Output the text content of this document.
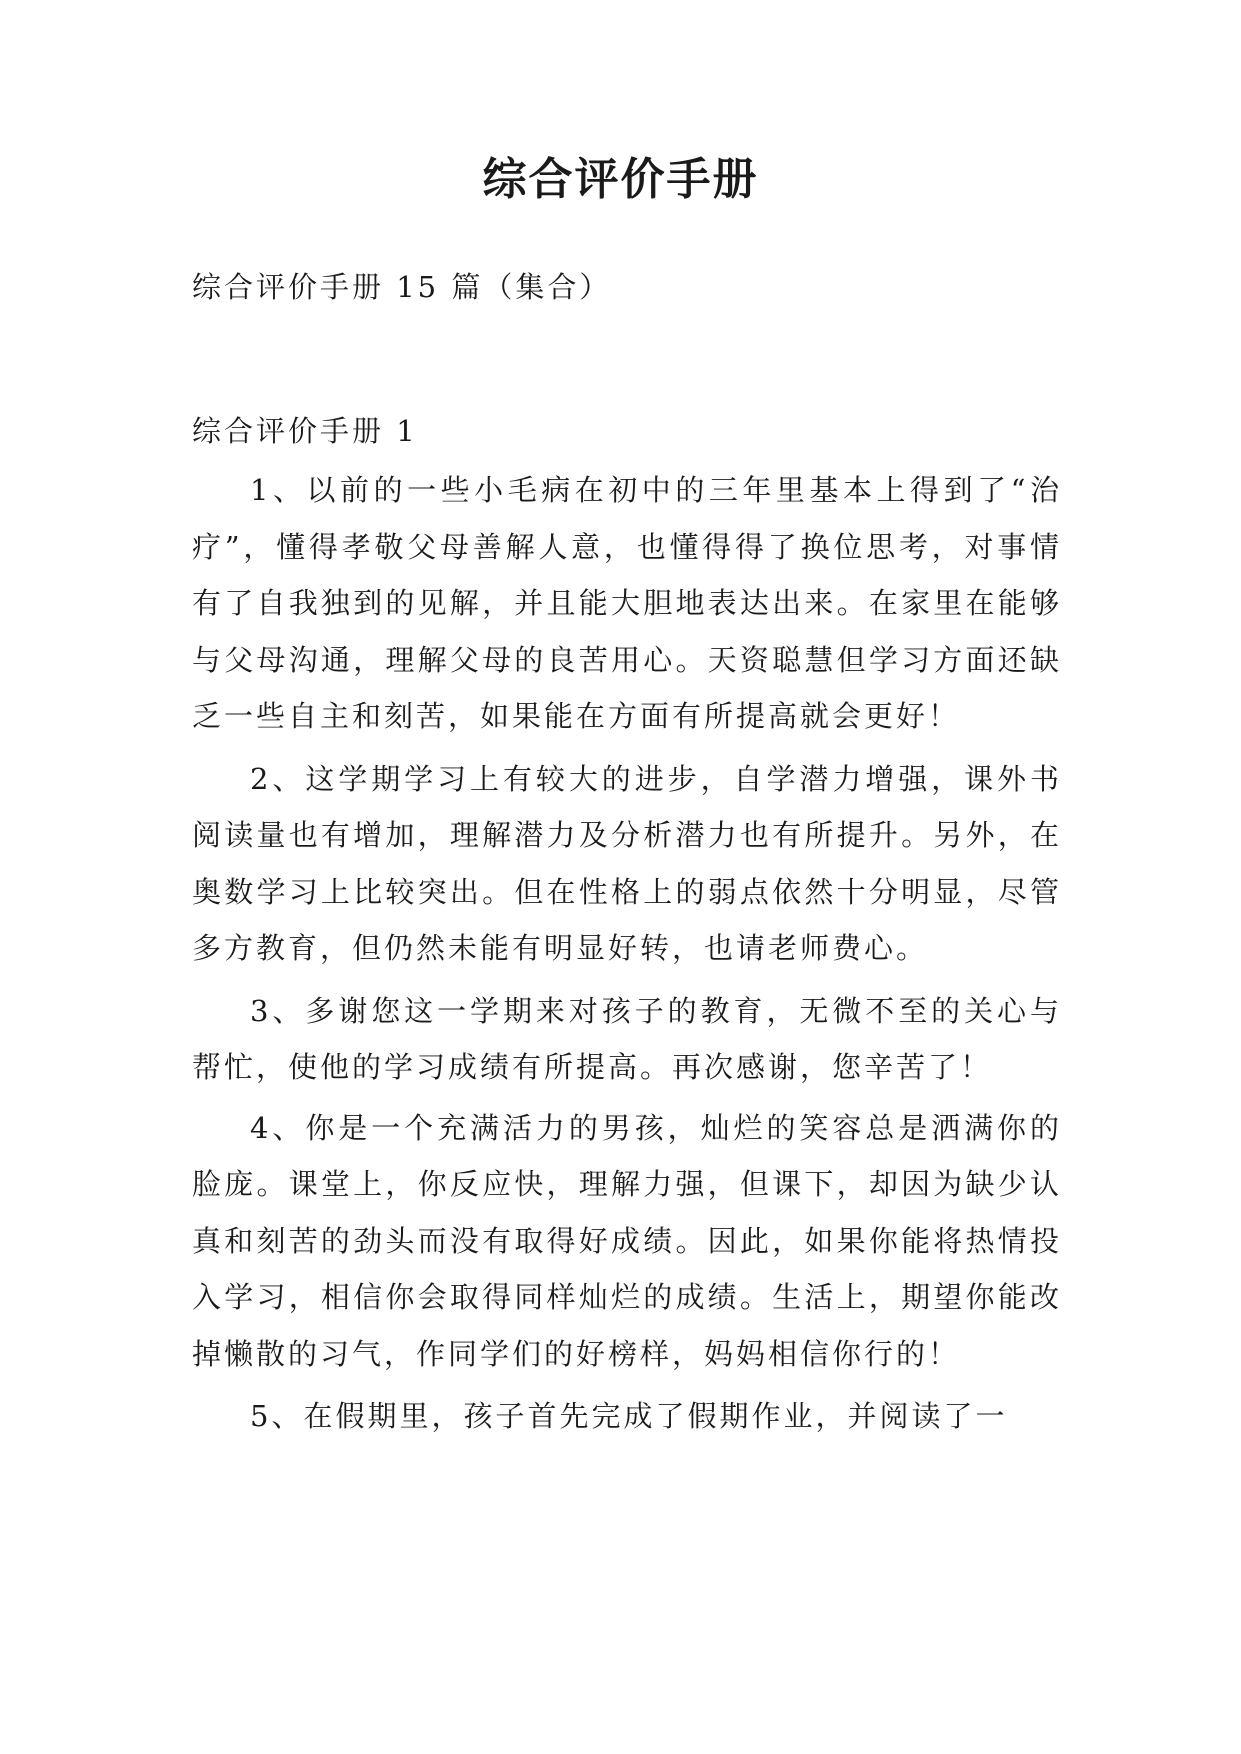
综合评价手册

综合评价手册 15 篇（集合）

综合评价手册 1

1、以前的一些小毛病在初中的三年里基本上得到了“治疗”，懂得孝敬父母善解人意，也懂得得了换位思考，对事情有了自我独到的见解，并且能大胆地表达出来。在家里在能够与父母沟通，理解父母的良苦用心。天资聪慧但学习方面还缺乏一些自主和刻苦，如果能在方面有所提高就会更好！

2、这学期学习上有较大的进步，自学潜力增强，课外书阅读量也有增加，理解潜力及分析潜力也有所提升。另外，在奥数学习上比较突出。但在性格上的弱点依然十分明显，尽管多方教育，但仍然未能有明显好转，也请老师费心。

3、多谢您这一学期来对孩子的教育，无微不至的关心与帮忙，使他的学习成绩有所提高。再次感谢，您辛苦了！

4、你是一个充满活力的男孩，灿烂的笑容总是洒满你的脸庞。课堂上，你反应快，理解力强，但课下，却因为缺少认真和刻苦的劲头而没有取得好成绩。因此，如果你能将热情投入学习，相信你会取得同样灿烂的成绩。生活上，期望你能改掉懒散的习气，作同学们的好榜样，妈妈相信你行的！

5、在假期里，孩子首先完成了假期作业，并阅读了一
